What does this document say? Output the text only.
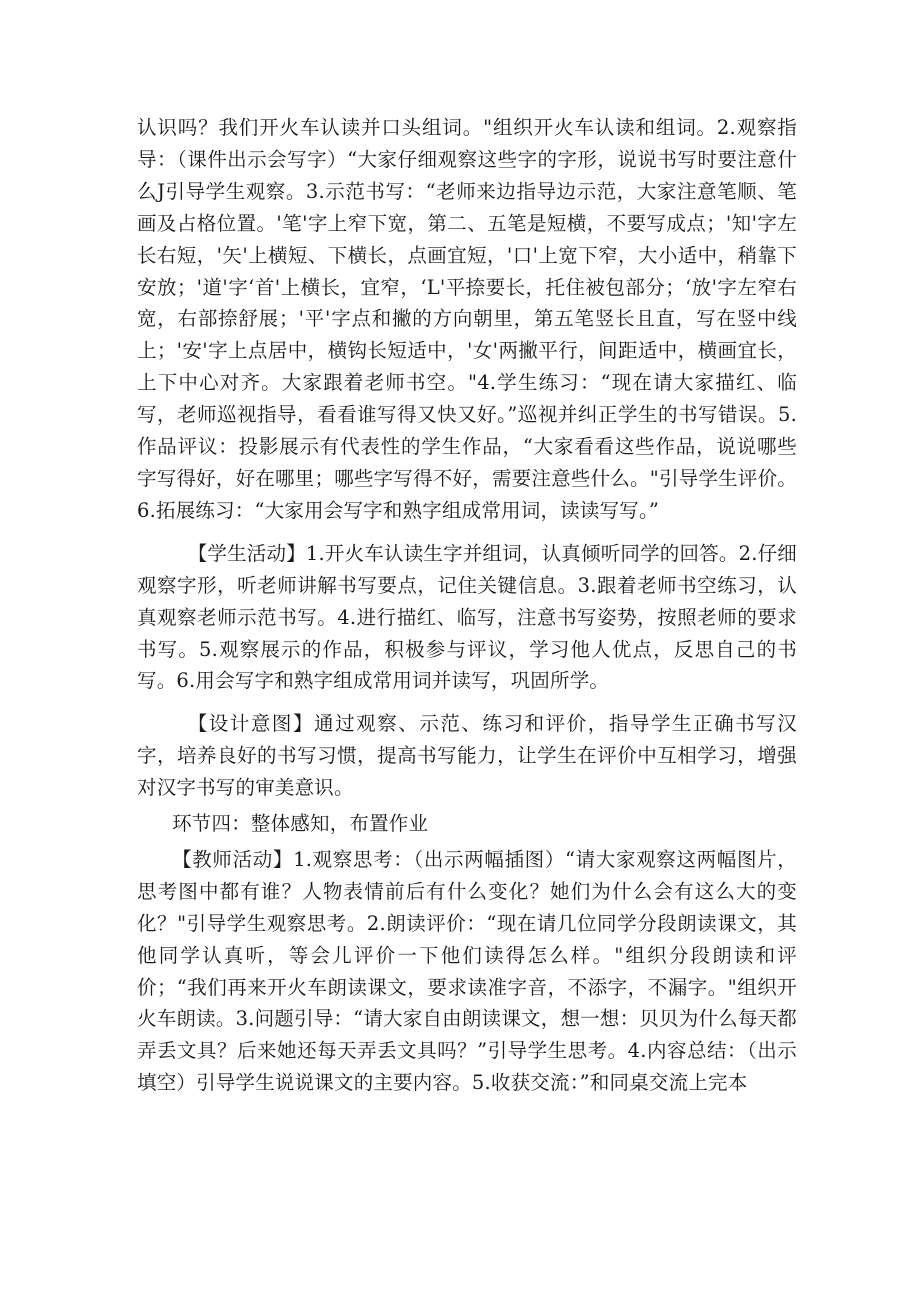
认识吗？我们开火车认读并口头组词。"组织开火车认读和组词。2.观察指导：（课件出示会写字）“大家仔细观察这些字的字形，说说书写时要注意什么J引导学生观察。3.示范书写：“老师来边指导边示范，大家注意笔顺、笔画及占格位置。'笔'字上窄下宽，第二、五笔是短横，不要写成点；'知'字左长右短，'矢'上横短、下横长，点画宜短，'口'上宽下窄，大小适中，稍靠下安放；'道'字‘首'上横长，宜窄，‘L'平捺要长，托住被包部分；‘放'字左窄右宽，右部捺舒展；'平'字点和撇的方向朝里，第五笔竖长且直，写在竖中线上；'安'字上点居中，横钩长短适中，'女'两撇平行，间距适中，横画宜长，上下中心对齐。大家跟着老师书空。"4.学生练习：“现在请大家描红、临写，老师巡视指导，看看谁写得又快又好。”巡视并纠正学生的书写错误。5.作品评议：投影展示有代表性的学生作品，“大家看看这些作品，说说哪些字写得好，好在哪里；哪些字写得不好，需要注意些什么。"引导学生评价。6.拓展练习：“大家用会写字和熟字组成常用词，读读写写。”

【学生活动】1.开火车认读生字并组词，认真倾听同学的回答。2.仔细观察字形，听老师讲解书写要点，记住关键信息。3.跟着老师书空练习，认真观察老师示范书写。4.进行描红、临写，注意书写姿势，按照老师的要求书写。5.观察展示的作品，积极参与评议，学习他人优点，反思自己的书写。6.用会写字和熟字组成常用词并读写，巩固所学。

【设计意图】通过观察、示范、练习和评价，指导学生正确书写汉字，培养良好的书写习惯，提高书写能力，让学生在评价中互相学习，增强对汉字书写的审美意识。

环节四：整体感知，布置作业

【教师活动】1.观察思考：（出示两幅插图）“请大家观察这两幅图片，思考图中都有谁？人物表情前后有什么变化？她们为什么会有这么大的变化？"引导学生观察思考。2.朗读评价：“现在请几位同学分段朗读课文，其他同学认真听，等会儿评价一下他们读得怎么样。"组织分段朗读和评价；“我们再来开火车朗读课文，要求读准字音，不添字，不漏字。"组织开火车朗读。3.问题引导：“请大家自由朗读课文，想一想：贝贝为什么每天都弄丢文具？后来她还每天弄丢文具吗？”引导学生思考。4.内容总结：（出示填空）引导学生说说课文的主要内容。5.收获交流：”和同桌交流上完本
